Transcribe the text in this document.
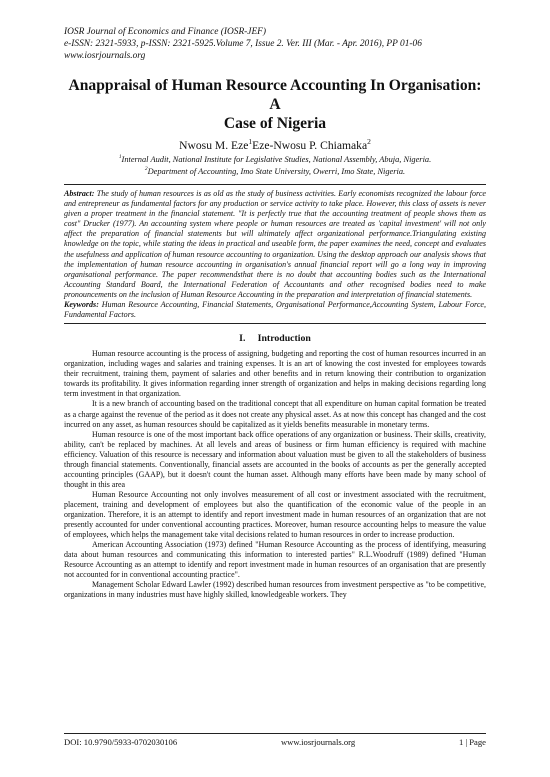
IOSR Journal of Economics and Finance (IOSR-JEF)
e-ISSN: 2321-5933, p-ISSN: 2321-5925.Volume 7, Issue 2. Ver. III (Mar. - Apr. 2016), PP 01-06
www.iosrjournals.org
Anappraisal of Human Resource Accounting In Organisation: A
Case of Nigeria
Nwosu M. Eze$^1$Eze-Nwosu P. Chiamaka$^2$
$^1$Internal Audit, National Institute for Legislative Studies, National Assembly, Abuja, Nigeria.
$^2$Department of Accounting, Imo State University, Owerri, Imo State, Nigeria.

Abstract: The study of human resources is as old as the study of business activities. Early economists recognized the labour force and entrepreneur as fundamental factors for any production or service activity to take place. However, this class of assets is never given a proper treatment in the financial statement. "It is perfectly true that the accounting treatment of people shows them as cost" Drucker (1977). An accounting system where people or human resources are treated as 'capital investment' will not only affect the preparation of financial statements but will ultimately affect organizational performance.Triangulating existing knowledge on the topic, while stating the ideas in practical and useable form, the paper examines the need, concept and evaluates the usefulness and application of human resource accounting to organization. Using the desktop approach our analysis shows that the implementation of human resource accounting in organisation's annual financial report will go a long way in improving organisational performance. The paper recommendsthat there is no doubt that accounting bodies such as the International Accounting Standard Board, the International Federation of Accountants and other recognised bodies need to make pronouncements on the inclusion of Human Resource Accounting in the preparation and interpretation of financial statements.

Keywords: Human Resource Accounting, Financial Statements, Organisational Performance,Accounting System, Labour Force, Fundamental Factors.

I. Introduction

Human resource accounting is the process of assigning, budgeting and reporting the cost of human resources incurred in an organization, including wages and salaries and training expenses. It is an art of knowing the cost invested for employees towards their recruitment, training them, payment of salaries and other benefits and in return knowing their contribution to organization towards its profitability. It gives information regarding inner strength of organization and helps in making decisions regarding long term investment in that organization.

It is a new branch of accounting based on the traditional concept that all expenditure on human capital formation be treated as a charge against the revenue of the period as it does not create any physical asset. As at now this concept has changed and the cost incurred on any asset, as human resources should be capitalized as it yields benefits measurable in monetary terms.

Human resource is one of the most important back office operations of any organization or business. Their skills, creativity, ability, can't be replaced by machines. At all levels and areas of business or firm human efficiency is required with machine efficiency. Valuation of this resource is necessary and information about valuation must be given to all the stakeholders of business through financial statements. Conventionally, financial assets are accounted in the books of accounts as per the generally accepted accounting principles (GAAP), but it doesn't count the human asset. Although many efforts have been made by many school of thought in this area

Human Resource Accounting not only involves measurement of all cost or investment associated with the recruitment, placement, training and development of employees but also the quantification of the economic value of the people in an organization. Therefore, it is an attempt to identify and report investment made in human resources of an organization that are not presently accounted for under conventional accounting practices. Moreover, human resource accounting helps to measure the value of employees, which helps the management take vital decisions related to human resources in order to increase production.

American Accounting Association (1973) defined "Human Resource Accounting as the process of identifying, measuring data about human resources and communicating this information to interested parties" R.L.Woodruff (1989) defined "Human Resource Accounting as an attempt to identify and report investment made in human resources of an organisation that are presently not accounted for in conventional accounting practice".

Management Scholar Edward Lawler (1992) described human resources from investment perspective as "to be competitive, organizations in many industries must have highly skilled, knowledgeable workers. They

DOI: 10.9790/5933-0702030106	www.iosrjournals.org	1 | Page
